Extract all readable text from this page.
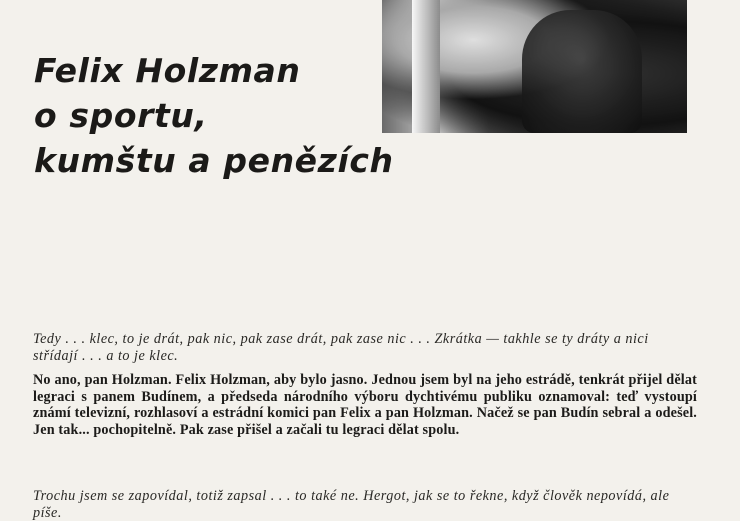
Felix Holzman
o sportu,
kumštu a penězích

Tedy . . . klec, to je drát, pak nic, pak zase drát, pak zase nic . . . Zkrátka — takhle se ty dráty a nici střídají . . . a to je klec.

No ano, pan Holzman. Felix Holzman, aby bylo jasno. Jednou jsem byl na jeho estrádě, tenkrát přijel dělat legraci s panem Budínem, a předseda národního výboru dychtivému publiku oznamoval: teď vystoupí známí televizní, rozhlasoví a estrádní komici pan Felix a pan Holzman. Načež se pan Budín sebral a odešel. Jen tak... pochopitelně. Pak zase přišel a začali tu legraci dělat spolu.

Trochu jsem se zapovídal, totiž zapsal . . . to také ne. Hergot, jak se to řekne, když člověk nepovídá, ale píše.
